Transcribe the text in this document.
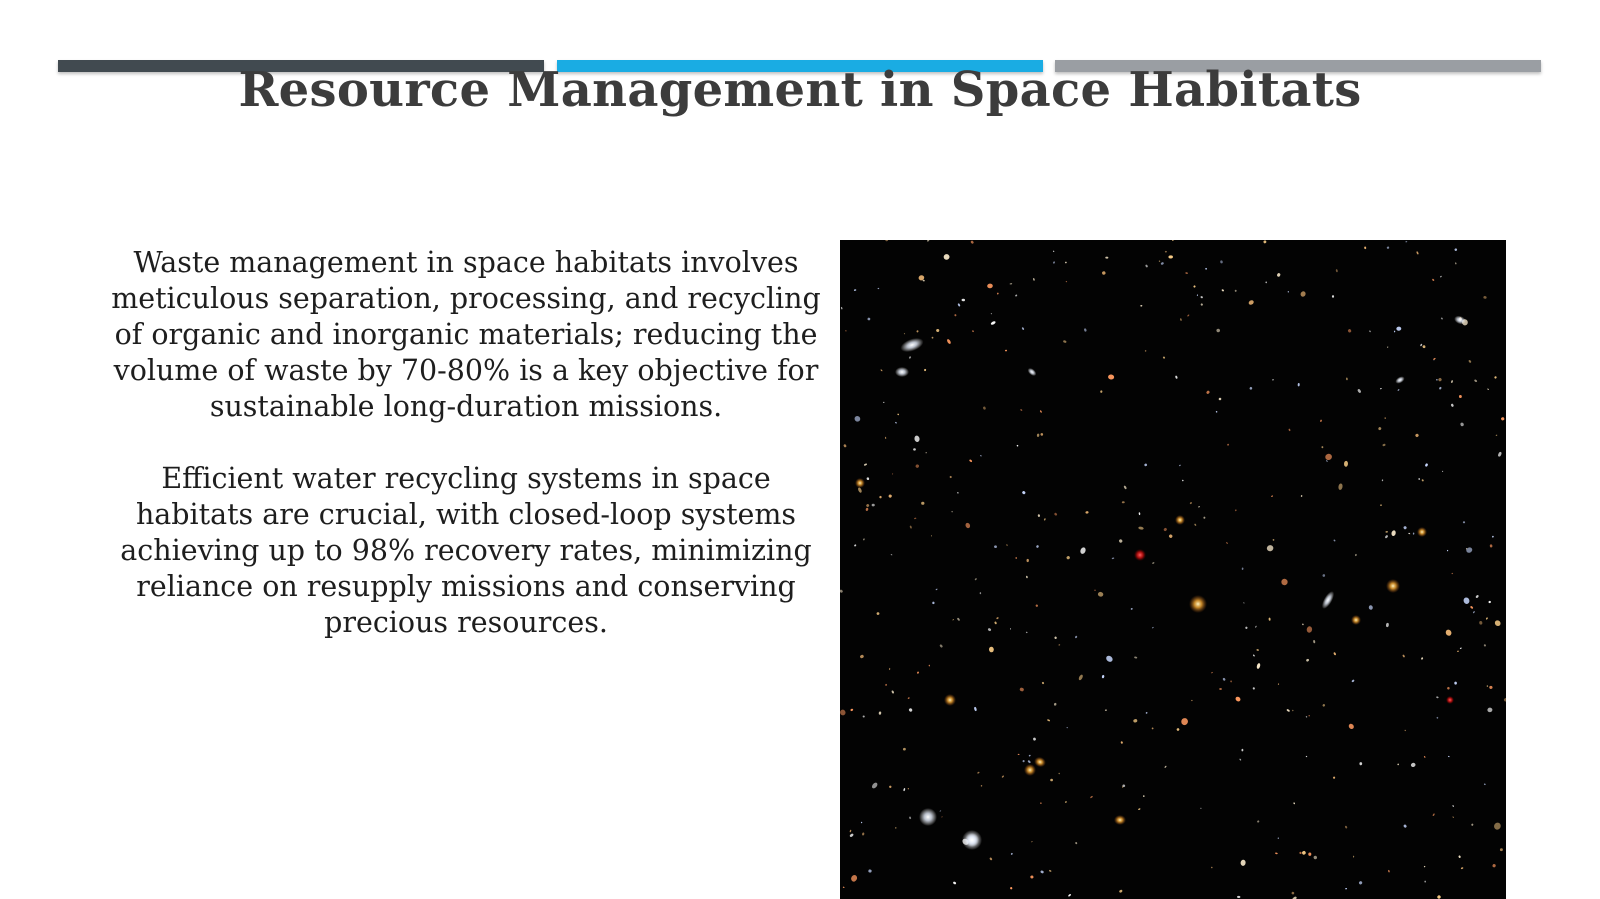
Resource Management in Space Habitats

Waste management in space habitats involves meticulous separation, processing, and recycling of organic and inorganic materials; reducing the volume of waste by 70-80% is a key objective for sustainable long-duration missions.

Efficient water recycling systems in space habitats are crucial, with closed-loop systems achieving up to 98% recovery rates, minimizing reliance on resupply missions and conserving precious resources.
